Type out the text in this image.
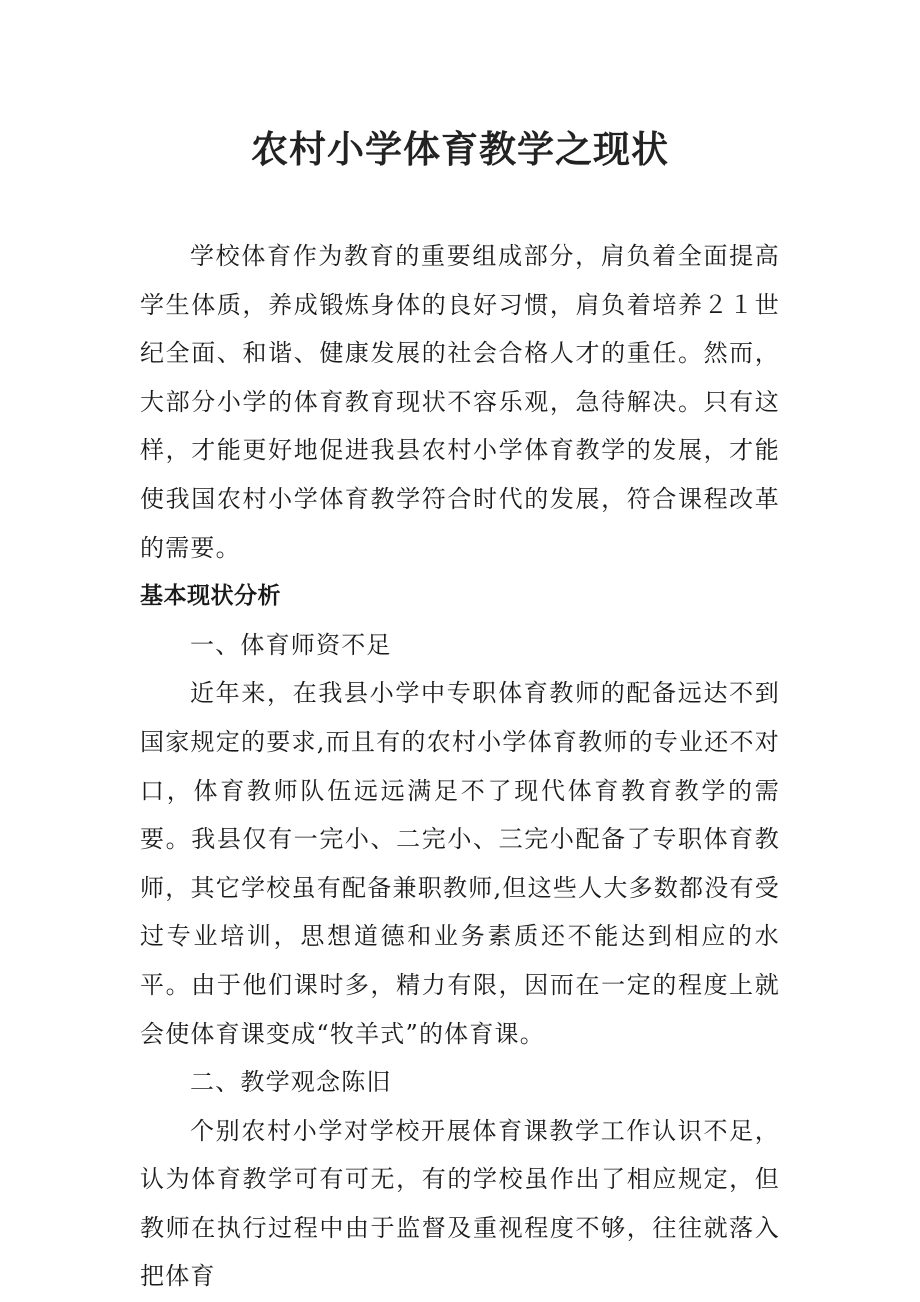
农村小学体育教学之现状

学校体育作为教育的重要组成部分，肩负着全面提高学生体质，养成锻炼身体的良好习惯，肩负着培养２１世纪全面、和谐、健康发展的社会合格人才的重任。然而，大部分小学的体育教育现状不容乐观，急待解决。只有这样，才能更好地促进我县农村小学体育教学的发展，才能使我国农村小学体育教学符合时代的发展，符合课程改革的需要。

基本现状分析

一、体育师资不足

近年来，在我县小学中专职体育教师的配备远达不到国家规定的要求,而且有的农村小学体育教师的专业还不对口，体育教师队伍远远满足不了现代体育教育教学的需要。我县仅有一完小、二完小、三完小配备了专职体育教师，其它学校虽有配备兼职教师,但这些人大多数都没有受过专业培训，思想道德和业务素质还不能达到相应的水平。由于他们课时多，精力有限，因而在一定的程度上就会使体育课变成“牧羊式”的体育课。

二、教学观念陈旧

个别农村小学对学校开展体育课教学工作认识不足，认为体育教学可有可无，有的学校虽作出了相应规定，但教师在执行过程中由于监督及重视程度不够，往往就落入把体育
